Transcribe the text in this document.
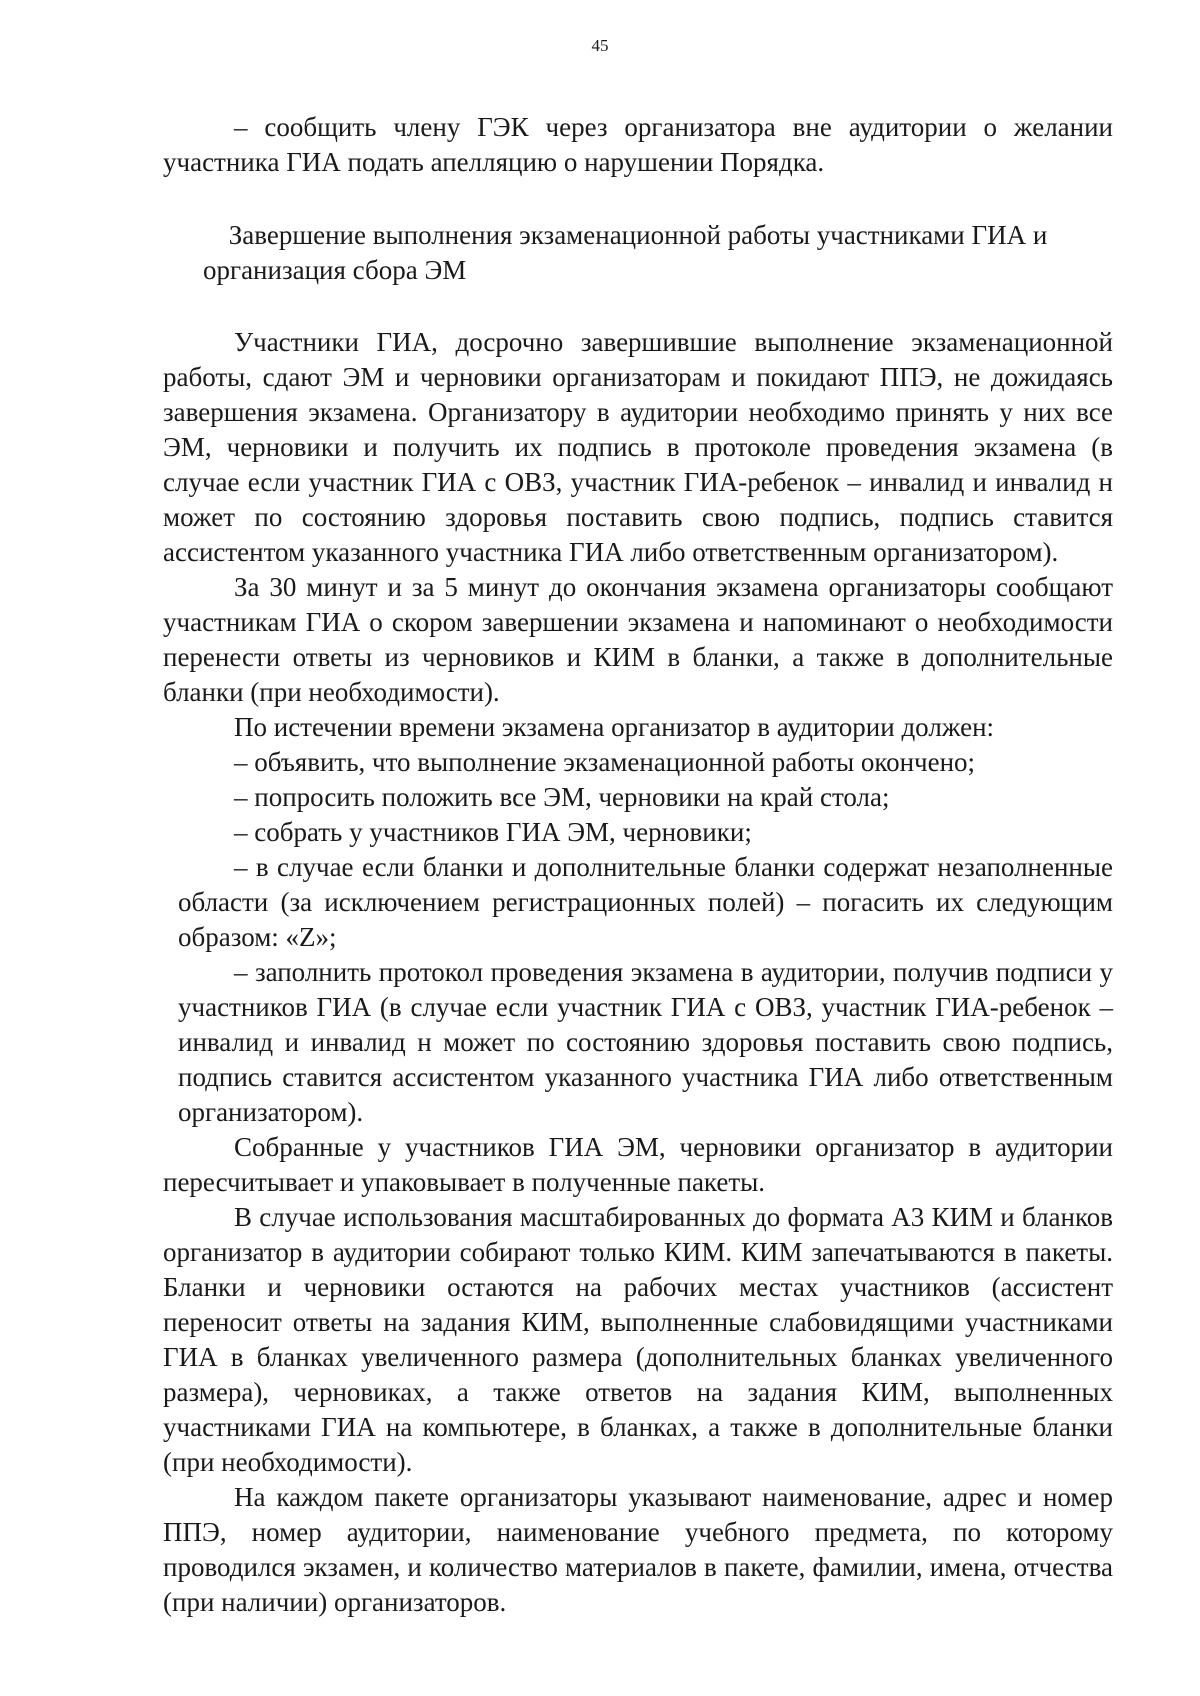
45

– сообщить члену ГЭК через организатора вне аудитории о желании участника ГИА подать апелляцию о нарушении Порядка.

Завершение выполнения экзаменационной работы участниками ГИА и организация сбора ЭМ

Участники ГИА, досрочно завершившие выполнение экзаменационной работы, сдают ЭМ и черновики организаторам и покидают ППЭ, не дожидаясь завершения экзамена. Организатору в аудитории необходимо принять у них все ЭМ, черновики и получить их подпись в протоколе проведения экзамена (в случае если участник ГИА с ОВЗ, участник ГИА-ребенок – инвалид и инвалид н может по состоянию здоровья поставить свою подпись, подпись ставится ассистентом указанного участника ГИА либо ответственным организатором).

За 30 минут и за 5 минут до окончания экзамена организаторы сообщают участникам ГИА о скором завершении экзамена и напоминают о необходимости перенести ответы из черновиков и КИМ в бланки, а также в дополнительные бланки (при необходимости).

По истечении времени экзамена организатор в аудитории должен:

– объявить, что выполнение экзаменационной работы окончено;

– попросить положить все ЭМ, черновики на край стола;

– собрать у участников ГИА ЭМ, черновики;

– в случае если бланки и дополнительные бланки содержат незаполненные области (за исключением регистрационных полей) – погасить их следующим образом: «Z»;

– заполнить протокол проведения экзамена в аудитории, получив подписи у участников ГИА (в случае если участник ГИА с ОВЗ, участник ГИА-ребенок – инвалид и инвалид н может по состоянию здоровья поставить свою подпись, подпись ставится ассистентом указанного участника ГИА либо ответственным организатором).

Собранные у участников ГИА ЭМ, черновики организатор в аудитории пересчитывает и упаковывает в полученные пакеты.

В случае использования масштабированных до формата А3 КИМ и бланков организатор в аудитории собирают только КИМ. КИМ запечатываются в пакеты. Бланки и черновики остаются на рабочих местах участников (ассистент переносит ответы на задания КИМ, выполненные слабовидящими участниками ГИА в бланках увеличенного размера (дополнительных бланках увеличенного размера), черновиках, а также ответов на задания КИМ, выполненных участниками ГИА на компьютере, в бланках, а также в дополнительные бланки (при необходимости).

На каждом пакете организаторы указывают наименование, адрес и номер ППЭ, номер аудитории, наименование учебного предмета, по которому проводился экзамен, и количество материалов в пакете, фамилии, имена, отчества (при наличии) организаторов.
